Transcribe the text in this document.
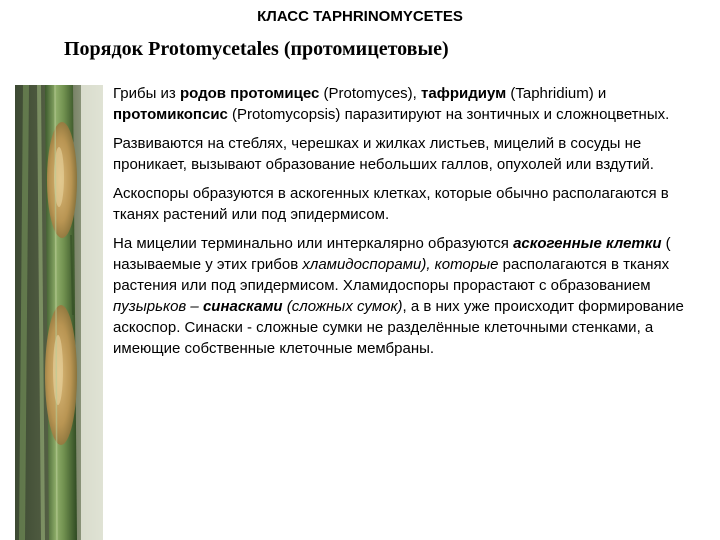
КЛАСС TAPHRINOMYCETES
Порядок Protomycetales (протомицетовые)

Грибы из родов протомицес (Protomyces), тафридиум (Taphridium) и протомикопсис (Protomycopsis) паразитируют на зонтичных и сложноцветных.

Развиваются на стеблях, черешках и жилках листьев, мицелий в сосуды не проникает, вызывают образование небольших галлов, опухолей или вздутий.

Аскоспоры образуются в аскогенных клетках, которые обычно располагаются в тканях растений или под эпидермисом.

На мицелии терминально или интеркалярно образуются аскогенные клетки ( называемые у этих грибов хламидоспорами), которые располагаются в тканях растения или под эпидермисом. Хламидоспоры прорастают с образованием пузырьков – синасками (сложных сумок), а в них уже происходит формирование аскоспор. Синаски - сложные сумки не разделённые клеточными стенками, а имеющие собственные клеточные мембраны.
